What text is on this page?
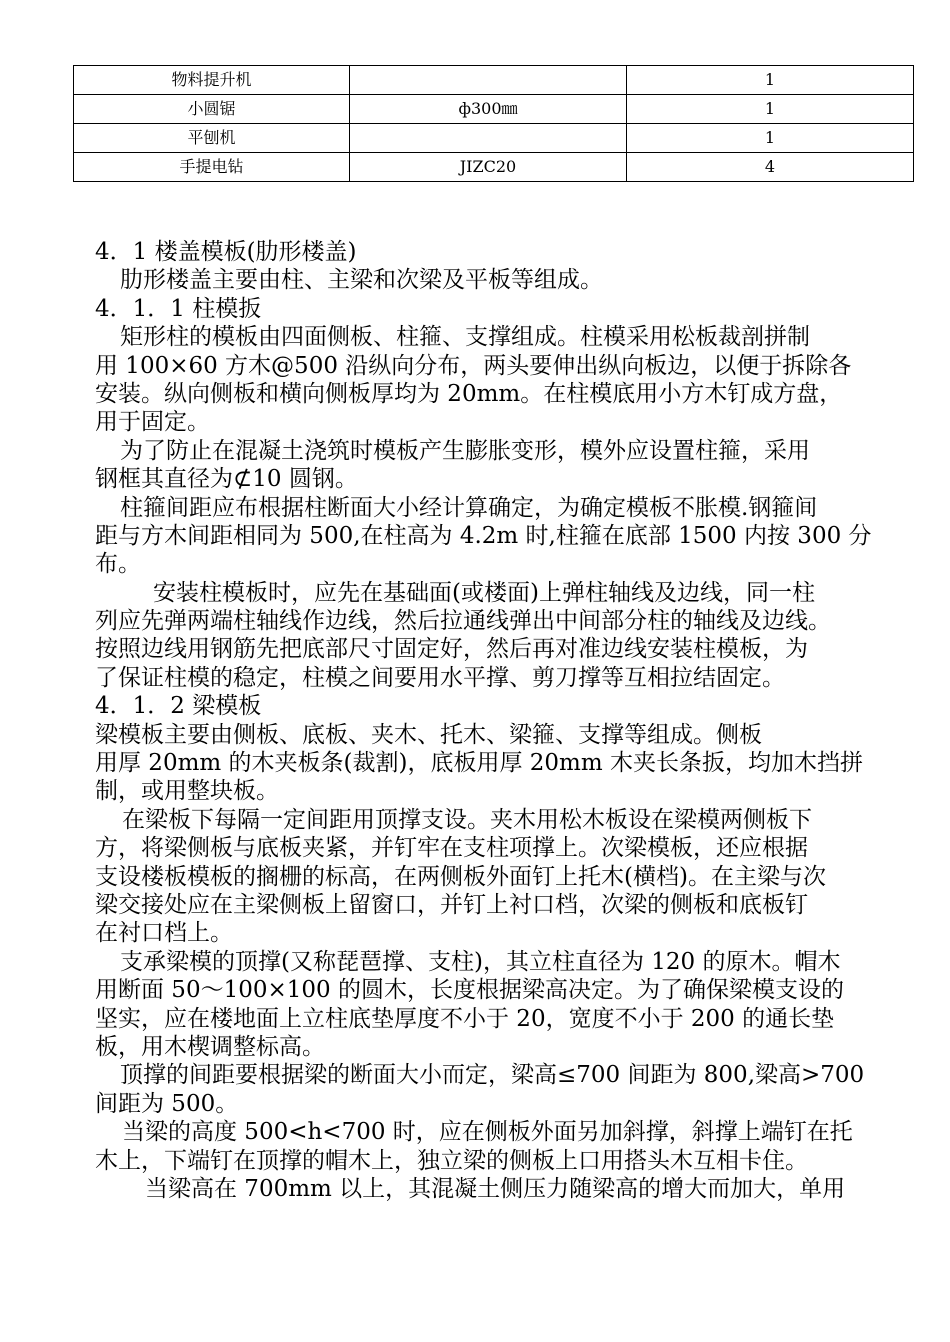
物料提升机		1
小圆锯	ф300㎜	1
平刨机		1
手提电钻	JIZC20	4
4．1 楼盖模板(肋形楼盖)
肋形楼盖主要由柱、主梁和次梁及平板等组成。
4．1．1 柱模扳
矩形柱的模板由四面侧板、柱箍、支撑组成。柱模采用松板裁剖拼制
用 100×60 方木@500 沿纵向分布，两头要伸出纵向板边，以便于拆除各
安装。纵向侧板和横向侧板厚均为 20mm。在柱模底用小方木钉成方盘，
用于固定。
为了防止在混凝土浇筑时模板产生膨胀变形，模外应设置柱箍，采用
钢框其直径为⊄10 圆钢。
柱箍间距应布根据柱断面大小经计算确定，为确定模板不胀模.钢箍间
距与方木间距相同为 500,在柱高为 4.2m 时,柱箍在底部 1500 内按 300 分
布。
安装柱模板时，应先在基础面(或楼面)上弹柱轴线及边线，同一柱
列应先弹两端柱轴线作边线，然后拉通线弹出中间部分柱的轴线及边线。
按照边线用钢筋先把底部尺寸固定好，然后再对准边线安装柱模板，为
了保证柱模的稳定，柱模之间要用水平撑、剪刀撑等互相拉结固定。
4．1．2 梁模板
梁模板主要由侧板、底板、夹木、托木、梁箍、支撑等组成。侧板
用厚 20mm 的木夹板条(裁割)，底板用厚 20mm 木夹长条扳，均加木挡拼
制，或用整块板。
在梁板下每隔一定间距用顶撑支设。夹木用松木板设在梁模两侧板下
方，将梁侧板与底板夹紧，并钉牢在支柱项撑上。次梁模板，还应根据
支设楼板模板的搁栅的标高，在两侧板外面钉上托木(横档)。在主梁与次
梁交接处应在主梁侧板上留窗口，并钉上衬口档，次梁的侧板和底板钉
在衬口档上。
支承梁模的顶撑(又称琵琶撑、支柱)，其立柱直径为 120 的原木。帽木
用断面 50～100×100 的圆木，长度根据梁高决定。为了确保梁模支设的
坚实，应在楼地面上立柱底垫厚度不小于 20，宽度不小于 200 的通长垫
板，用木楔调整标高。
顶撑的间距要根据梁的断面大小而定，梁高≤700 间距为 800,梁高>700
间距为 500。
当梁的高度 500<h<700 时，应在侧板外面另加斜撑，斜撑上端钉在托
木上，下端钉在顶撑的帽木上，独立梁的侧板上口用搭头木互相卡住。
当梁高在 700mm 以上，其混凝土侧压力随梁高的增大而加大，单用
